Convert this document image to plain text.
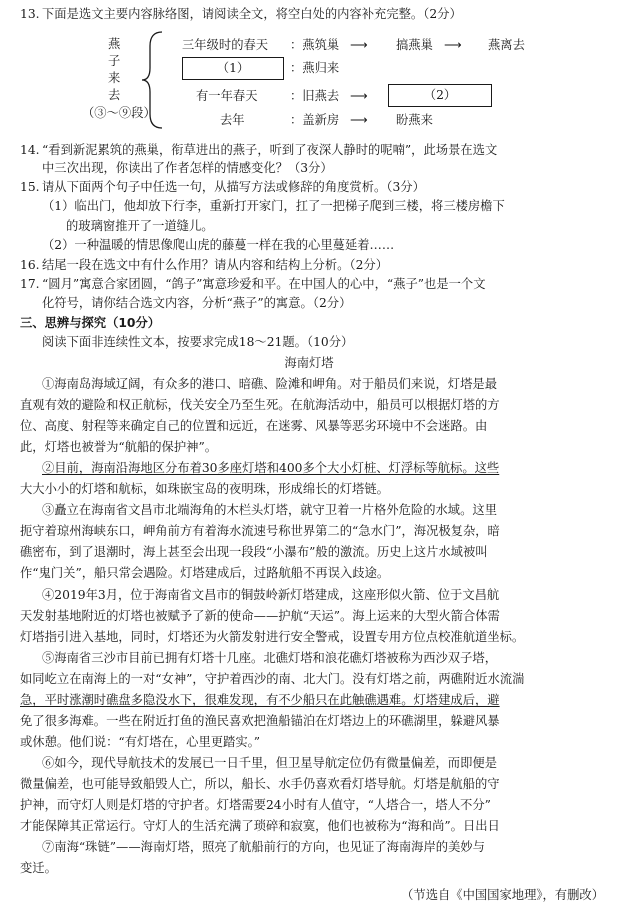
13. 下面是选文主要内容脉络图，请阅读全文，将空白处的内容补充完整。（2分）
燕
子
来
去
（③～⑨段）
三年级时的春天 ：燕筑巢 ⟶ 搞燕巢 ⟶ 燕离去
（1）	：燕归来
有一年春天	：旧燕去 ⟶	（2）
去年	：盖新房 ⟶ 盼燕来
14. “看到新泥累筑的燕巢，衔草进出的燕子，听到了夜深人静时的呢喃”，此场景在选文
中三次出现，你读出了作者怎样的情感变化？（3分）
15. 请从下面两个句子中任选一句，从描写方法或修辞的角度赏析。（3分）
（1）临出门，他却放下行李，重新打开家门，扛了一把梯子爬到三楼，将三楼房檐下
的玻璃窗推开了一道缝儿。
（2）一种温暖的情思像爬山虎的藤蔓一样在我的心里蔓延着……
16. 结尾一段在选文中有什么作用？请从内容和结构上分析。（2分）
17. “圆月”寓意合家团圆，“鸽子”寓意珍爱和平。在中国人的心中，“燕子”也是一个文
化符号，请你结合选文内容，分析“燕子”的寓意。（2分）
三、思辨与探究（10分）
阅读下面非连续性文本，按要求完成18～21题。（10分）
海南灯塔
①海南岛海域辽阔，有众多的港口、暗礁、险滩和岬角。对于船员们来说，灯塔是最
直观有效的避险和权正航标，伐关安全乃至生死。在航海活动中，船员可以根据灯塔的方
位、高度、射程等来确定自己的位置和远近，在迷雾、风暴等恶劣环境中不会迷路。由
此，灯塔也被誉为“航船的保护神”。
②目前，海南沿海地区分布着30多座灯塔和400多个大小灯桩、灯浮标等航标。这些
大大小小的灯塔和航标，如珠嵌宝岛的夜明珠，形成绵长的灯塔链。
③矗立在海南省文昌市北端海角的木栏头灯塔，就守卫着一片格外危险的水域。这里
扼守着琼州海峡东口，岬角前方有着海水流速号称世界第二的“急水门”，海况极复杂，暗
礁密布，到了退潮时，海上甚至会出现一段段“小瀑布”般的激流。历史上这片水域被叫
作“鬼门关”，船只常会遇险。灯塔建成后，过路航船不再误入歧途。
④2019年3月，位于海南省文昌市的铜鼓岭新灯塔建成，这座形似火箭、位于文昌航
天发射基地附近的灯塔也被赋予了新的使命——护航“天运”。海上运来的大型火箭合体需
灯塔指引进入基地，同时，灯塔还为火箭发射进行安全警戒，设置专用方位点校准航道坐标。
⑤海南省三沙市目前已拥有灯塔十几座。北礁灯塔和浪花礁灯塔被称为西沙双子塔，
如同屹立在南海上的一对“女神”，守护着西沙的南、北大门。没有灯塔之前，两礁附近水流湍
急，平时涨潮时礁盘多隐没水下，很难发现，有不少船只在此触礁遇难。灯塔建成后，避
免了很多海难。一些在附近打鱼的渔民喜欢把渔船锚泊在灯塔边上的环礁湖里，躲避风暴
或休憩。他们说：“有灯塔在，心里更踏实。”
⑥如今，现代导航技术的发展已一日千里，但卫星导航定位仍有微量偏差，而即便是
微量偏差，也可能导致船毁人亡，所以，船长、水手仍喜欢看灯塔导航。灯塔是航船的守
护神，而守灯人则是灯塔的守护者。灯塔需要24小时有人值守，“人塔合一，塔人不分”
才能保障其正常运行。守灯人的生活充满了琐碎和寂寞，他们也被称为“海和尚”。日出日
⑦南海“珠链”——海南灯塔，照亮了航船前行的方向，也见证了海南海岸的美妙与
变迁。
（节选自《中国国家地理》，有删改）
